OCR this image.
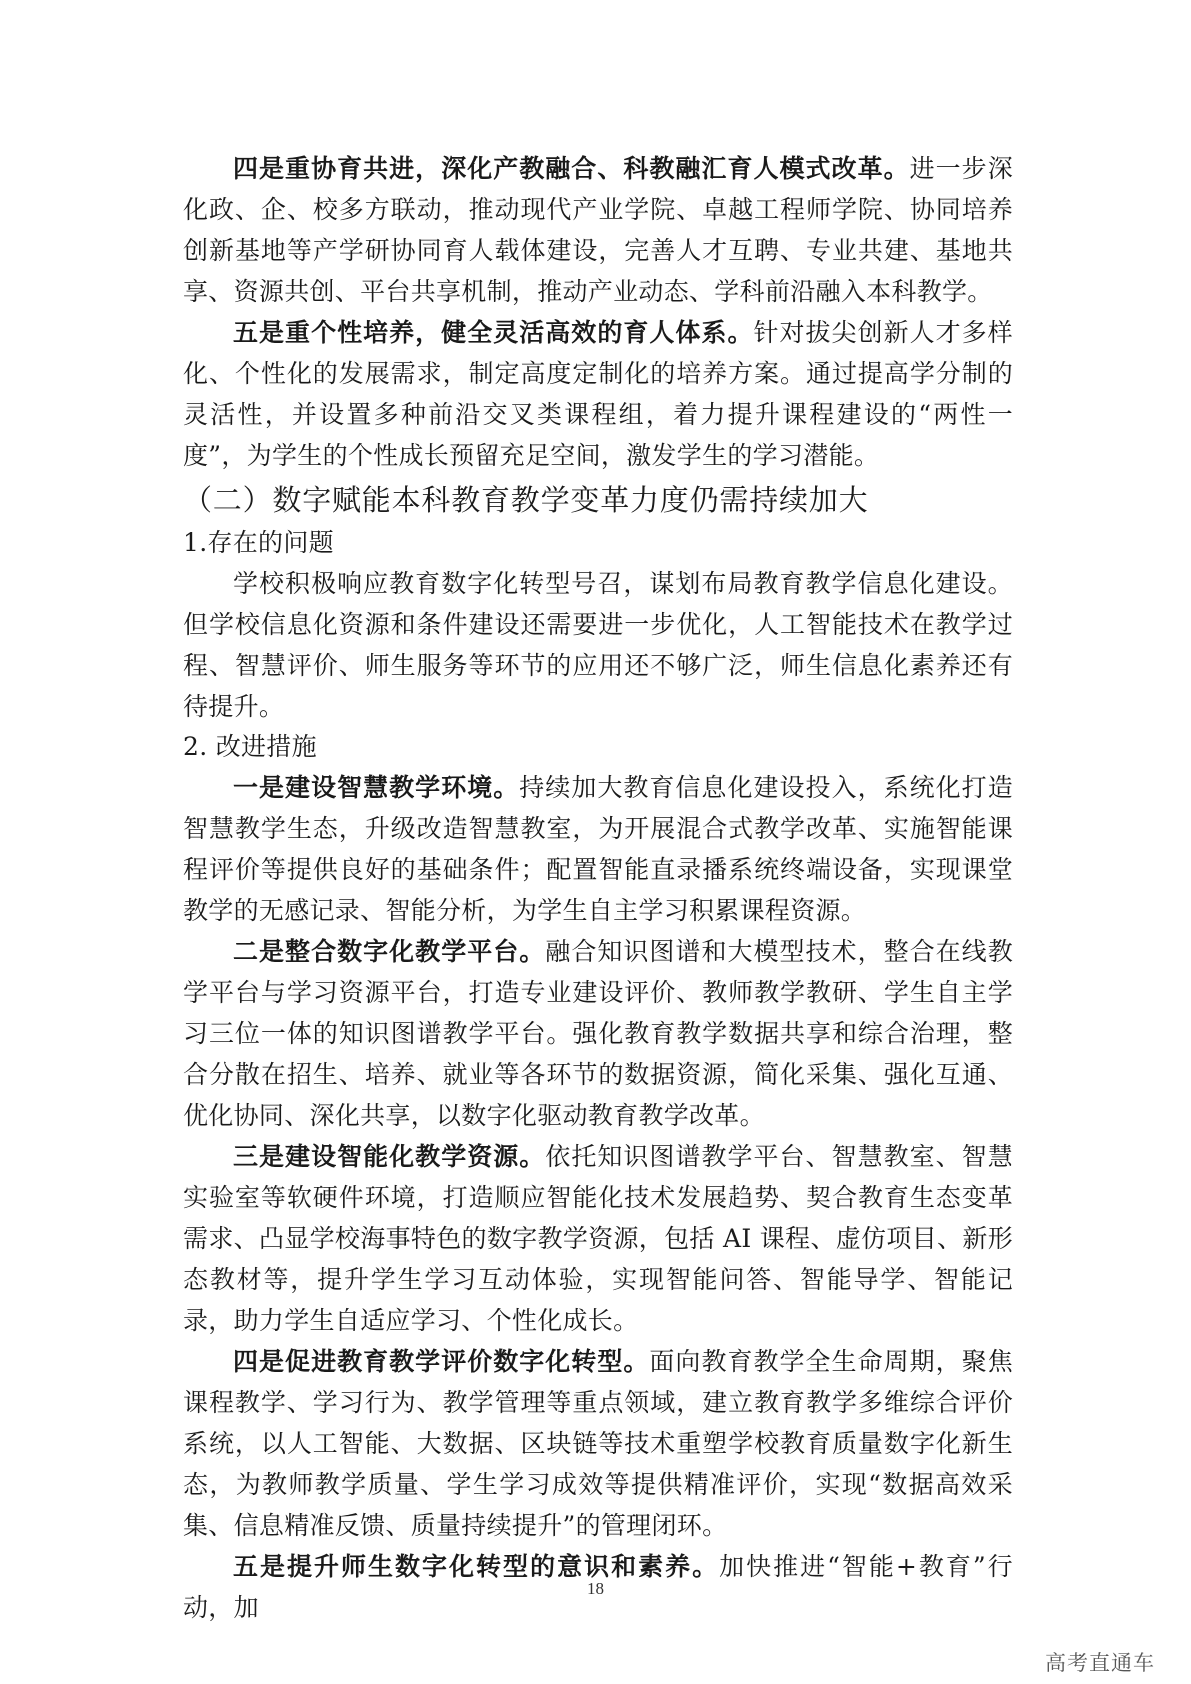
四是重协育共进，深化产教融合、科教融汇育人模式改革。进一步深化政、企、校多方联动，推动现代产业学院、卓越工程师学院、协同培养创新基地等产学研协同育人载体建设，完善人才互聘、专业共建、基地共享、资源共创、平台共享机制，推动产业动态、学科前沿融入本科教学。

五是重个性培养，健全灵活高效的育人体系。针对拔尖创新人才多样化、个性化的发展需求，制定高度定制化的培养方案。通过提高学分制的灵活性，并设置多种前沿交叉类课程组，着力提升课程建设的“两性一度”，为学生的个性成长预留充足空间，激发学生的学习潜能。

（二）数字赋能本科教育教学变革力度仍需持续加大

1.存在的问题

学校积极响应教育数字化转型号召，谋划布局教育教学信息化建设。但学校信息化资源和条件建设还需要进一步优化，人工智能技术在教学过程、智慧评价、师生服务等环节的应用还不够广泛，师生信息化素养还有待提升。

2. 改进措施

一是建设智慧教学环境。持续加大教育信息化建设投入，系统化打造智慧教学生态，升级改造智慧教室，为开展混合式教学改革、实施智能课程评价等提供良好的基础条件；配置智能直录播系统终端设备，实现课堂教学的无感记录、智能分析，为学生自主学习积累课程资源。

二是整合数字化教学平台。融合知识图谱和大模型技术，整合在线教学平台与学习资源平台，打造专业建设评价、教师教学教研、学生自主学习三位一体的知识图谱教学平台。强化教育教学数据共享和综合治理，整合分散在招生、培养、就业等各环节的数据资源，简化采集、强化互通、优化协同、深化共享，以数字化驱动教育教学改革。

三是建设智能化教学资源。依托知识图谱教学平台、智慧教室、智慧实验室等软硬件环境，打造顺应智能化技术发展趋势、契合教育生态变革需求、凸显学校海事特色的数字教学资源，包括 AI 课程、虚仿项目、新形态教材等，提升学生学习互动体验，实现智能问答、智能导学、智能记录，助力学生自适应学习、个性化成长。

四是促进教育教学评价数字化转型。面向教育教学全生命周期，聚焦课程教学、学习行为、教学管理等重点领域，建立教育教学多维综合评价系统，以人工智能、大数据、区块链等技术重塑学校教育质量数字化新生态，为教师教学质量、学生学习成效等提供精准评价，实现“数据高效采集、信息精准反馈、质量持续提升”的管理闭环。

五是提升师生数字化转型的意识和素养。加快推进“智能+教育”行动，加

18
高考直通车
